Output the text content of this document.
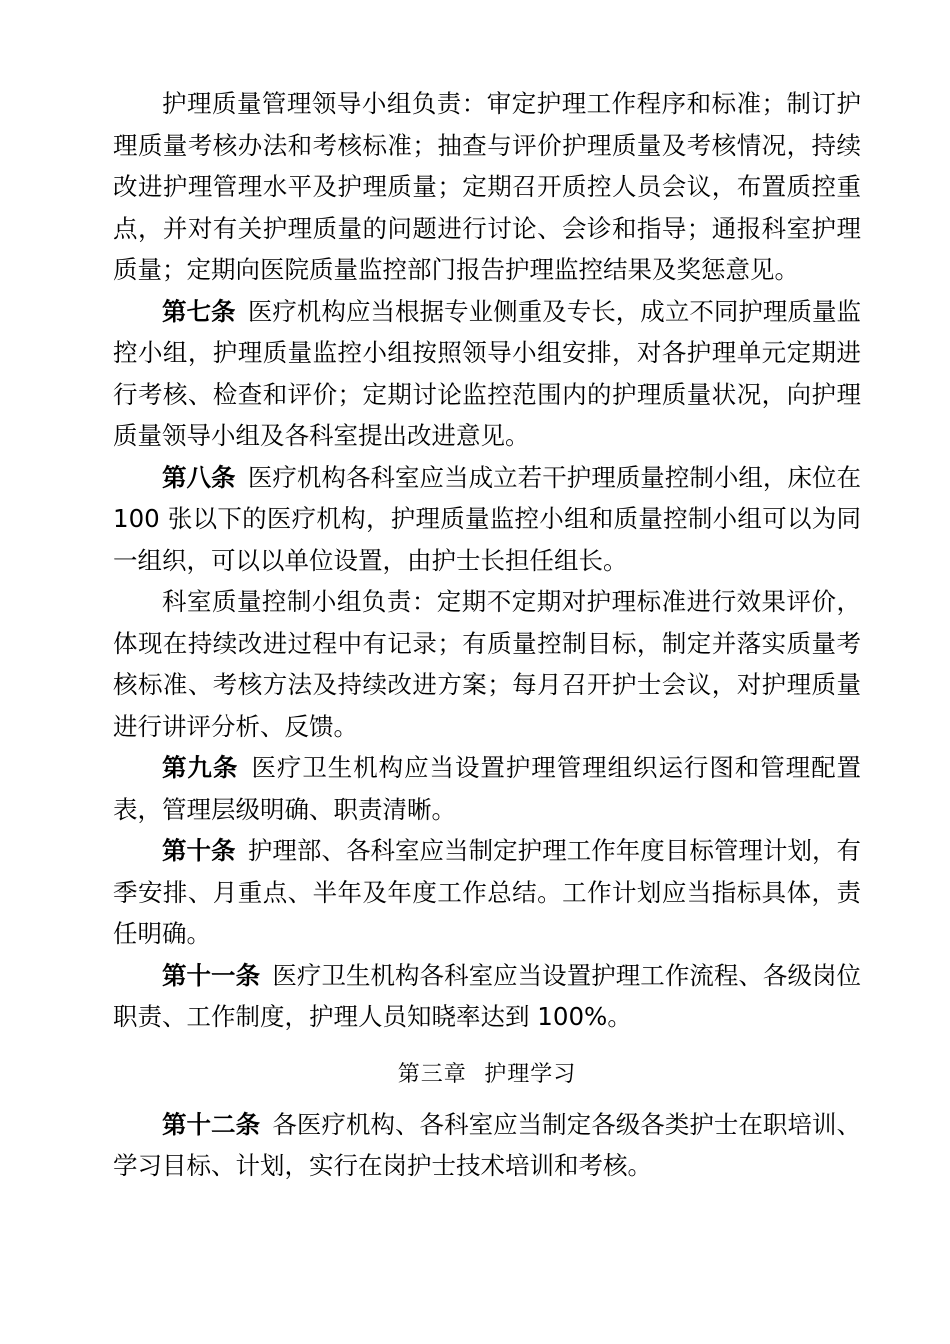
护理质量管理领导小组负责：审定护理工作程序和标准；制订护理质量考核办法和考核标准；抽查与评价护理质量及考核情况，持续改进护理管理水平及护理质量；定期召开质控人员会议，布置质控重点，并对有关护理质量的问题进行讨论、会诊和指导；通报科室护理质量；定期向医院质量监控部门报告护理监控结果及奖惩意见。

第七条 医疗机构应当根据专业侧重及专长，成立不同护理质量监控小组，护理质量监控小组按照领导小组安排，对各护理单元定期进行考核、检查和评价；定期讨论监控范围内的护理质量状况，向护理质量领导小组及各科室提出改进意见。

第八条 医疗机构各科室应当成立若干护理质量控制小组，床位在 100 张以下的医疗机构，护理质量监控小组和质量控制小组可以为同一组织，可以以单位设置，由护士长担任组长。

科室质量控制小组负责：定期不定期对护理标准进行效果评价，体现在持续改进过程中有记录；有质量控制目标，制定并落实质量考核标准、考核方法及持续改进方案；每月召开护士会议，对护理质量进行讲评分析、反馈。

第九条 医疗卫生机构应当设置护理管理组织运行图和管理配置表，管理层级明确、职责清晰。

第十条 护理部、各科室应当制定护理工作年度目标管理计划，有季安排、月重点、半年及年度工作总结。工作计划应当指标具体，责任明确。

第十一条 医疗卫生机构各科室应当设置护理工作流程、各级岗位职责、工作制度，护理人员知晓率达到 100%。

第三章 护理学习

第十二条 各医疗机构、各科室应当制定各级各类护士在职培训、学习目标、计划，实行在岗护士技术培训和考核。
